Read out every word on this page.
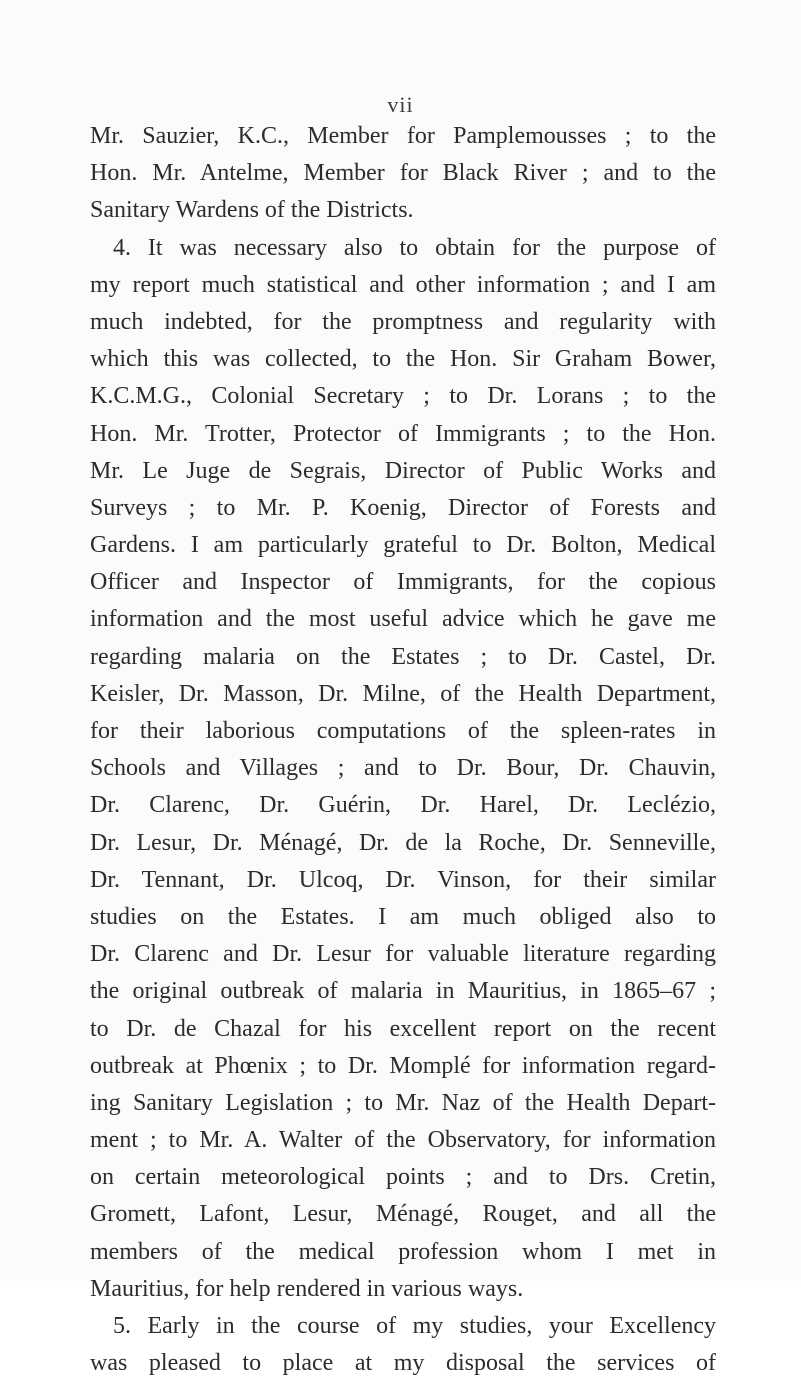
vii
Mr. Sauzier, K.C., Member for Pamplemousses ; to the
Hon. Mr. Antelme, Member for Black River ; and to the
Sanitary Wardens of the Districts.
4. It was necessary also to obtain for the purpose of
my report much statistical and other information ; and I am
much indebted, for the promptness and regularity with
which this was collected, to the Hon. Sir Graham Bower,
K.C.M.G., Colonial Secretary ; to Dr. Lorans ; to the
Hon. Mr. Trotter, Protector of Immigrants ; to the Hon.
Mr. Le Juge de Segrais, Director of Public Works and
Surveys ; to Mr. P. Koenig, Director of Forests and
Gardens. I am particularly grateful to Dr. Bolton, Medical
Officer and Inspector of Immigrants, for the copious
information and the most useful advice which he gave me
regarding malaria on the Estates ; to Dr. Castel, Dr.
Keisler, Dr. Masson, Dr. Milne, of the Health Department,
for their laborious computations of the spleen-rates in
Schools and Villages ; and to Dr. Bour, Dr. Chauvin,
Dr. Clarenc, Dr. Guérin, Dr. Harel, Dr. Leclézio,
Dr. Lesur, Dr. Ménagé, Dr. de la Roche, Dr. Senneville,
Dr. Tennant, Dr. Ulcoq, Dr. Vinson, for their similar
studies on the Estates. I am much obliged also to
Dr. Clarenc and Dr. Lesur for valuable literature regarding
the original outbreak of malaria in Mauritius, in 1865–67 ;
to Dr. de Chazal for his excellent report on the recent
outbreak at Phœnix ; to Dr. Momplé for information regard-
ing Sanitary Legislation ; to Mr. Naz of the Health Depart-
ment ; to Mr. A. Walter of the Observatory, for information
on certain meteorological points ; and to Drs. Cretin,
Gromett, Lafont, Lesur, Ménagé, Rouget, and all the
members of the medical profession whom I met in
Mauritius, for help rendered in various ways.
5. Early in the course of my studies, your Excellency
was pleased to place at my disposal the services of
